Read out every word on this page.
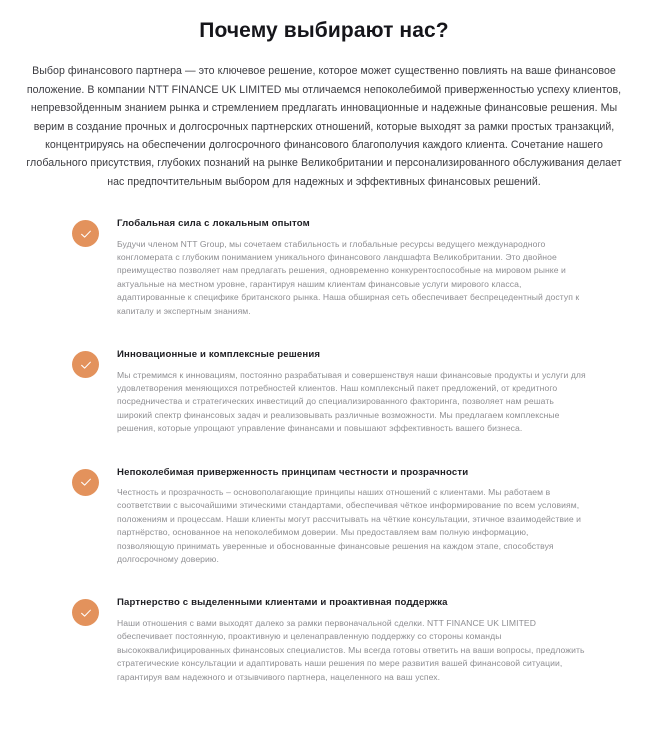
Почему выбирают нас?

Выбор финансового партнера — это ключевое решение, которое может существенно повлиять на ваше финансовое положение. В компании NTT FINANCE UK LIMITED мы отличаемся непоколебимой приверженностью успеху клиентов, непревзойденным знанием рынка и стремлением предлагать инновационные и надежные финансовые решения. Мы верим в создание прочных и долгосрочных партнерских отношений, которые выходят за рамки простых транзакций, концентрируясь на обеспечении долгосрочного финансового благополучия каждого клиента. Сочетание нашего глобального присутствия, глубоких познаний на рынке Великобритании и персонализированного обслуживания делает нас предпочтительным выбором для надежных и эффективных финансовых решений.

Глобальная сила с локальным опытом

Будучи членом NTT Group, мы сочетаем стабильность и глобальные ресурсы ведущего международного конгломерата с глубоким пониманием уникального финансового ландшафта Великобритании. Это двойное преимущество позволяет нам предлагать решения, одновременно конкурентоспособные на мировом рынке и актуальные на местном уровне, гарантируя нашим клиентам финансовые услуги мирового класса, адаптированные к специфике британского рынка. Наша обширная сеть обеспечивает беспрецедентный доступ к капиталу и экспертным знаниям.

Инновационные и комплексные решения

Мы стремимся к инновациям, постоянно разрабатывая и совершенствуя наши финансовые продукты и услуги для удовлетворения меняющихся потребностей клиентов. Наш комплексный пакет предложений, от кредитного посредничества и стратегических инвестиций до специализированного факторинга, позволяет нам решать широкий спектр финансовых задач и реализовывать различные возможности. Мы предлагаем комплексные решения, которые упрощают управление финансами и повышают эффективность вашего бизнеса.

Непоколебимая приверженность принципам честности и прозрачности

Честность и прозрачность – основополагающие принципы наших отношений с клиентами. Мы работаем в соответствии с высочайшими этическими стандартами, обеспечивая чёткое информирование по всем условиям, положениям и процессам. Наши клиенты могут рассчитывать на чёткие консультации, этичное взаимодействие и партнёрство, основанное на непоколебимом доверии. Мы предоставляем вам полную информацию, позволяющую принимать уверенные и обоснованные финансовые решения на каждом этапе, способствуя долгосрочному доверию.

Партнерство с выделенными клиентами и проактивная поддержка

Наши отношения с вами выходят далеко за рамки первоначальной сделки. NTT FINANCE UK LIMITED обеспечивает постоянную, проактивную и целенаправленную поддержку со стороны команды высококвалифицированных финансовых специалистов. Мы всегда готовы ответить на ваши вопросы, предложить стратегические консультации и адаптировать наши решения по мере развития вашей финансовой ситуации, гарантируя вам надежного и отзывчивого партнера, нацеленного на ваш успех.
